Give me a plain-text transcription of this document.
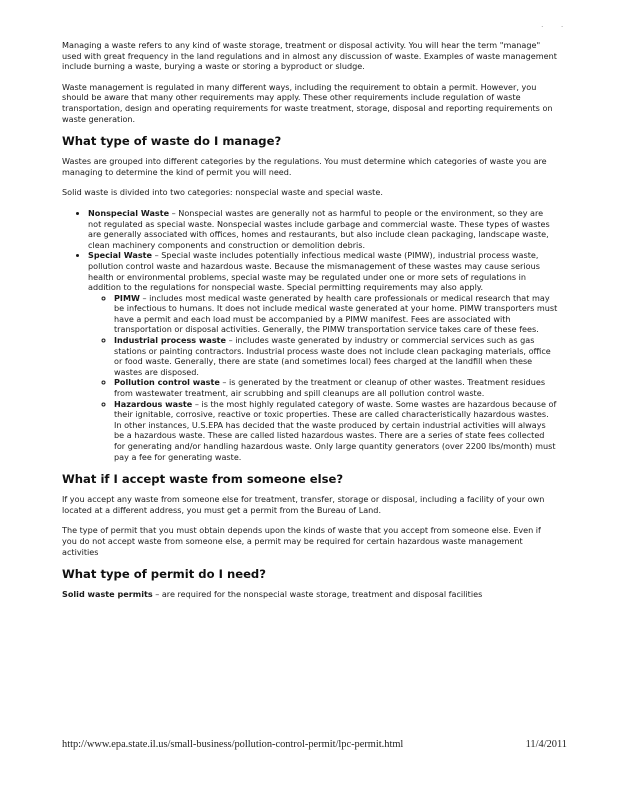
. .

Managing a waste refers to any kind of waste storage, treatment or disposal activity. You will hear the term "manage" used with great frequency in the land regulations and in almost any discussion of waste. Examples of waste management include burning a waste, burying a waste or storing a byproduct or sludge.

Waste management is regulated in many different ways, including the requirement to obtain a permit. However, you should be aware that many other requirements may apply. These other requirements include regulation of waste transportation, design and operating requirements for waste treatment, storage, disposal and reporting requirements on waste generation.

What type of waste do I manage?

Wastes are grouped into different categories by the regulations. You must determine which categories of waste you are managing to determine the kind of permit you will need.

Solid waste is divided into two categories: nonspecial waste and special waste.

• Nonspecial Waste – Nonspecial wastes are generally not as harmful to people or the environment, so they are not regulated as special waste. Nonspecial wastes include garbage and commercial waste. These types of wastes are generally associated with offices, homes and restaurants, but also include clean packaging, landscape waste, clean machinery components and construction or demolition debris.
• Special Waste – Special waste includes potentially infectious medical waste (PIMW), industrial process waste, pollution control waste and hazardous waste. Because the mismanagement of these wastes may cause serious health or environmental problems, special waste may be regulated under one or more sets of regulations in addition to the regulations for nonspecial waste. Special permitting requirements may also apply.
◦ PIMW – includes most medical waste generated by health care professionals or medical research that may be infectious to humans. It does not include medical waste generated at your home. PIMW transporters must have a permit and each load must be accompanied by a PIMW manifest. Fees are associated with transportation or disposal activities. Generally, the PIMW transportation service takes care of these fees.
◦ Industrial process waste – includes waste generated by industry or commercial services such as gas stations or painting contractors. Industrial process waste does not include clean packaging materials, office or food waste. Generally, there are state (and sometimes local) fees charged at the landfill when these wastes are disposed.
◦ Pollution control waste – is generated by the treatment or cleanup of other wastes. Treatment residues from wastewater treatment, air scrubbing and spill cleanups are all pollution control waste.
◦ Hazardous waste – is the most highly regulated category of waste. Some wastes are hazardous because of their ignitable, corrosive, reactive or toxic properties. These are called characteristically hazardous wastes. In other instances, U.S.EPA has decided that the waste produced by certain industrial activities will always be a hazardous waste. These are called listed hazardous wastes. There are a series of state fees collected for generating and/or handling hazardous waste. Only large quantity generators (over 2200 lbs/month) must pay a fee for generating waste.
What if I accept waste from someone else?

If you accept any waste from someone else for treatment, transfer, storage or disposal, including a facility of your own located at a different address, you must get a permit from the Bureau of Land.

The type of permit that you must obtain depends upon the kinds of waste that you accept from someone else. Even if you do not accept waste from someone else, a permit may be required for certain hazardous waste management activities

What type of permit do I need?

Solid waste permits – are required for the nonspecial waste storage, treatment and disposal facilities

http://www.epa.state.il.us/small-business/pollution-control-permit/lpc-permit.html	11/4/2011
